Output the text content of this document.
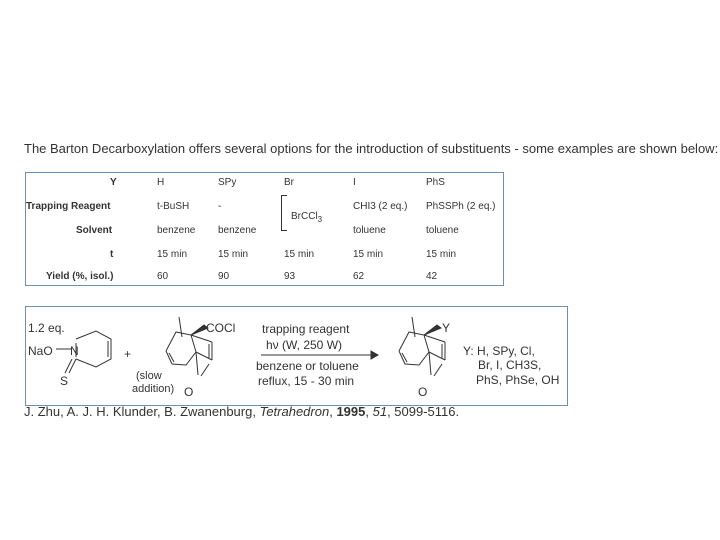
The Barton Decarboxylation offers several options for the introduction of substituents - some examples are shown below:
Y
Trapping Reagent
Solvent
t
Yield (%, isol.)
H
t-BuSH
benzene
15 min
60
SPy
-
benzene
15 min
90
Br
15 min
93
BrCCl$_3$
I
CHI3 (2 eq.)
toluene
15 min
62
PhS
PhSSPh (2 eq.)
toluene
15 min
42
1.2 eq.
NaO N
S
+
(slow
addition)
COCl
O
trapping reagent
hν (W, 250 W)
benzene or toluene
reflux, 15 - 30 min
Y
O
Y: H, SPy, Cl,
Br, I, CH3S,
PhS, PhSe, OH
J. Zhu, A. J. H. Klunder, B. Zwanenburg, Tetrahedron, 1995, 51, 5099-5116.
